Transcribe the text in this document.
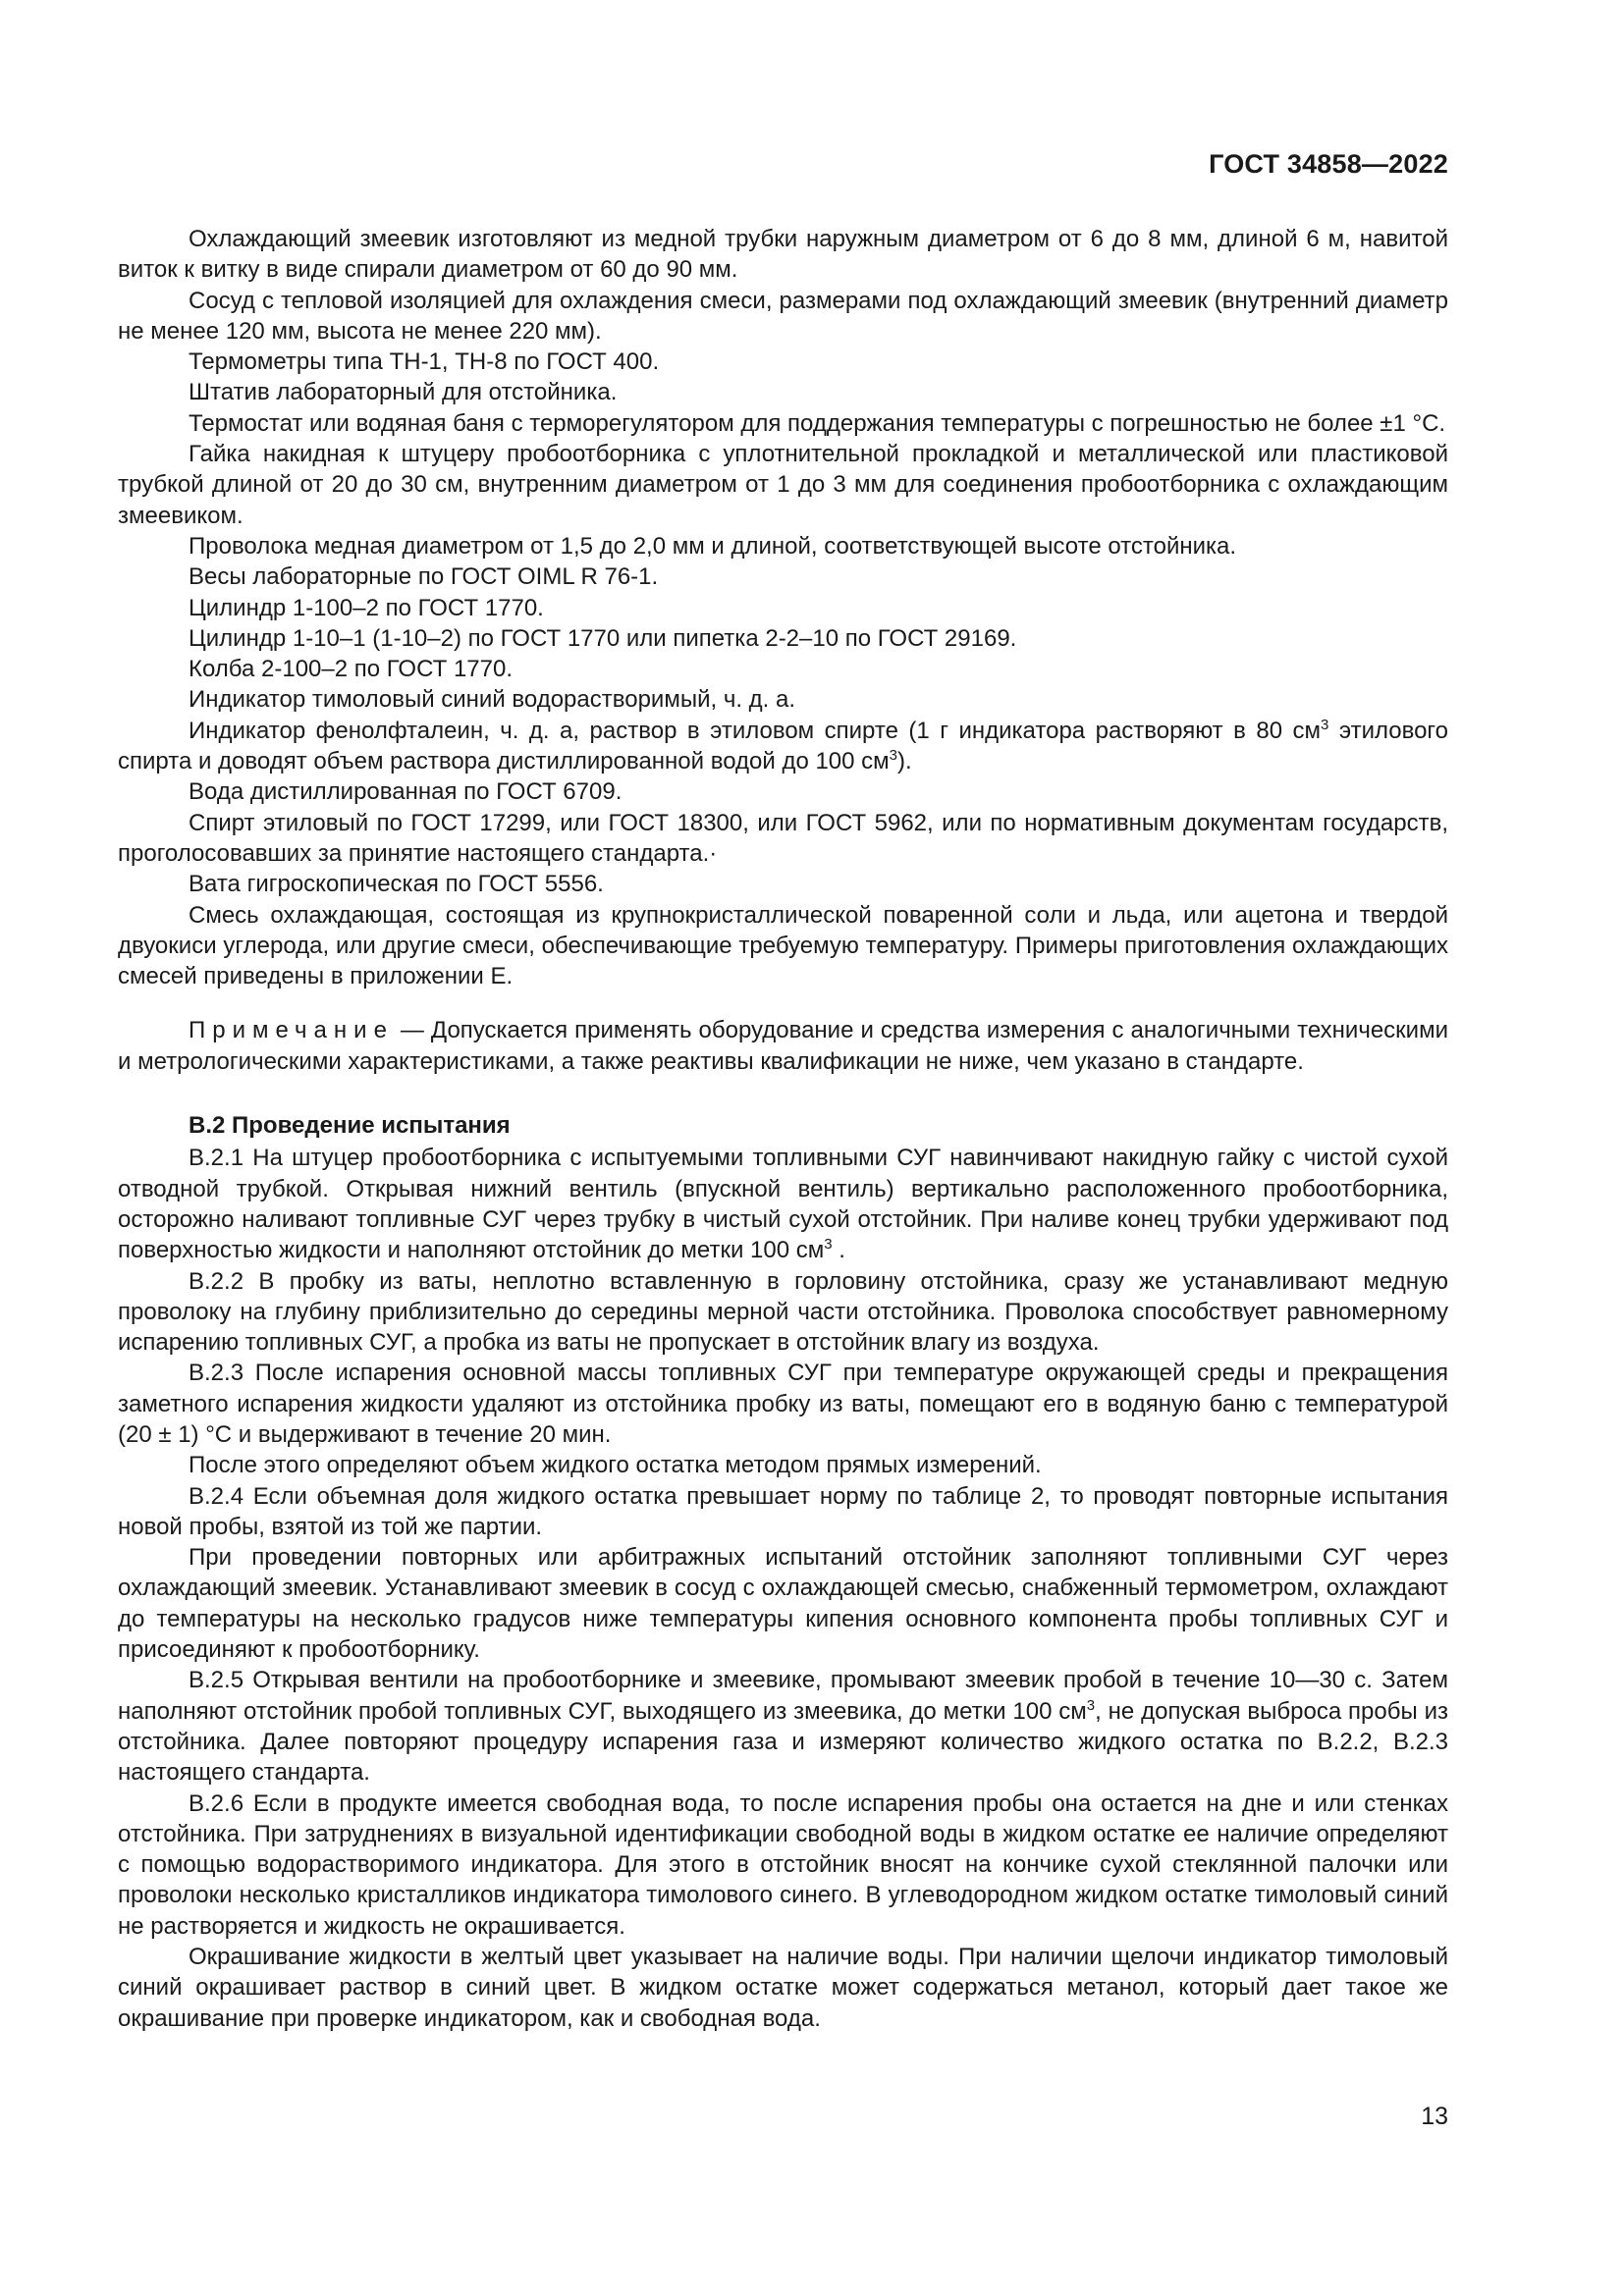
ГОСТ 34858—2022

Охлаждающий змеевик изготовляют из медной трубки наружным диаметром от 6 до 8 мм, длиной 6 м, навитой виток к витку в виде спирали диаметром от 60 до 90 мм.

Сосуд с тепловой изоляцией для охлаждения смеси, размерами под охлаждающий змеевик (внутренний диаметр не менее 120 мм, высота не менее 220 мм).

Термометры типа ТН-1, ТН-8 по ГОСТ 400.

Штатив лабораторный для отстойника.

Термостат или водяная баня с терморегулятором для поддержания температуры с погрешностью не более ±1 °С.

Гайка накидная к штуцеру пробоотборника с уплотнительной прокладкой и металлической или пластиковой трубкой длиной от 20 до 30 см, внутренним диаметром от 1 до 3 мм для соединения пробоотборника с охлаждающим змеевиком.

Проволока медная диаметром от 1,5 до 2,0 мм и длиной, соответствующей высоте отстойника.

Весы лабораторные по ГОСТ OIML R 76-1.

Цилиндр 1-100–2 по ГОСТ 1770.

Цилиндр 1-10–1 (1-10–2) по ГОСТ 1770 или пипетка 2-2–10 по ГОСТ 29169.

Колба 2-100–2 по ГОСТ 1770.

Индикатор тимоловый синий водорастворимый, ч. д. а.

Индикатор фенолфталеин, ч. д. а, раствор в этиловом спирте (1 г индикатора растворяют в 80 $см^3$ этилового спирта и доводят объем раствора дистиллированной водой до 100 $см^3$).

Вода дистиллированная по ГОСТ 6709.

Спирт этиловый по ГОСТ 17299, или ГОСТ 18300, или ГОСТ 5962, или по нормативным документам государств, проголосовавших за принятие настоящего стандарта.·

Вата гигроскопическая по ГОСТ 5556.

Смесь охлаждающая, состоящая из крупнокристаллической поваренной соли и льда, или ацетона и твердой двуокиси углерода, или другие смеси, обеспечивающие требуемую температуру. Примеры приготовления охлаждающих смесей приведены в приложении Е.

Примечание — Допускается применять оборудование и средства измерения с аналогичными техническими и метрологическими характеристиками, а также реактивы квалификации не ниже, чем указано в стандарте.

В.2 Проведение испытания

В.2.1 На штуцер пробоотборника с испытуемыми топливными СУГ навинчивают накидную гайку с чистой сухой отводной трубкой. Открывая нижний вентиль (впускной вентиль) вертикально расположенного пробоотборника, осторожно наливают топливные СУГ через трубку в чистый сухой отстойник. При наливе конец трубки удерживают под поверхностью жидкости и наполняют отстойник до метки 100 $см^3$ .

В.2.2 В пробку из ваты, неплотно вставленную в горловину отстойника, сразу же устанавливают медную проволоку на глубину приблизительно до середины мерной части отстойника. Проволока способствует равномерному испарению топливных СУГ, а пробка из ваты не пропускает в отстойник влагу из воздуха.

В.2.3 После испарения основной массы топливных СУГ при температуре окружающей среды и прекращения заметного испарения жидкости удаляют из отстойника пробку из ваты, помещают его в водяную баню с температурой (20 ± 1) °С и выдерживают в течение 20 мин.

После этого определяют объем жидкого остатка методом прямых измерений.

В.2.4 Если объемная доля жидкого остатка превышает норму по таблице 2, то проводят повторные испытания новой пробы, взятой из той же партии.

При проведении повторных или арбитражных испытаний отстойник заполняют топливными СУГ через охлаждающий змеевик. Устанавливают змеевик в сосуд с охлаждающей смесью, снабженный термометром, охлаждают до температуры на несколько градусов ниже температуры кипения основного компонента пробы топливных СУГ и присоединяют к пробоотборнику.

В.2.5 Открывая вентили на пробоотборнике и змеевике, промывают змеевик пробой в течение 10—30 с. Затем наполняют отстойник пробой топливных СУГ, выходящего из змеевика, до метки 100 $см^3$, не допуская выброса пробы из отстойника. Далее повторяют процедуру испарения газа и измеряют количество жидкого остатка по В.2.2, В.2.3 настоящего стандарта.

В.2.6 Если в продукте имеется свободная вода, то после испарения пробы она остается на дне и или стенках отстойника. При затруднениях в визуальной идентификации свободной воды в жидком остатке ее наличие определяют с помощью водорастворимого индикатора. Для этого в отстойник вносят на кончике сухой стеклянной палочки или проволоки несколько кристалликов индикатора тимолового синего. В углеводородном жидком остатке тимоловый синий не растворяется и жидкость не окрашивается.

Окрашивание жидкости в желтый цвет указывает на наличие воды. При наличии щелочи индикатор тимоловый синий окрашивает раствор в синий цвет. В жидком остатке может содержаться метанол, который дает такое же окрашивание при проверке индикатором, как и свободная вода.

13
